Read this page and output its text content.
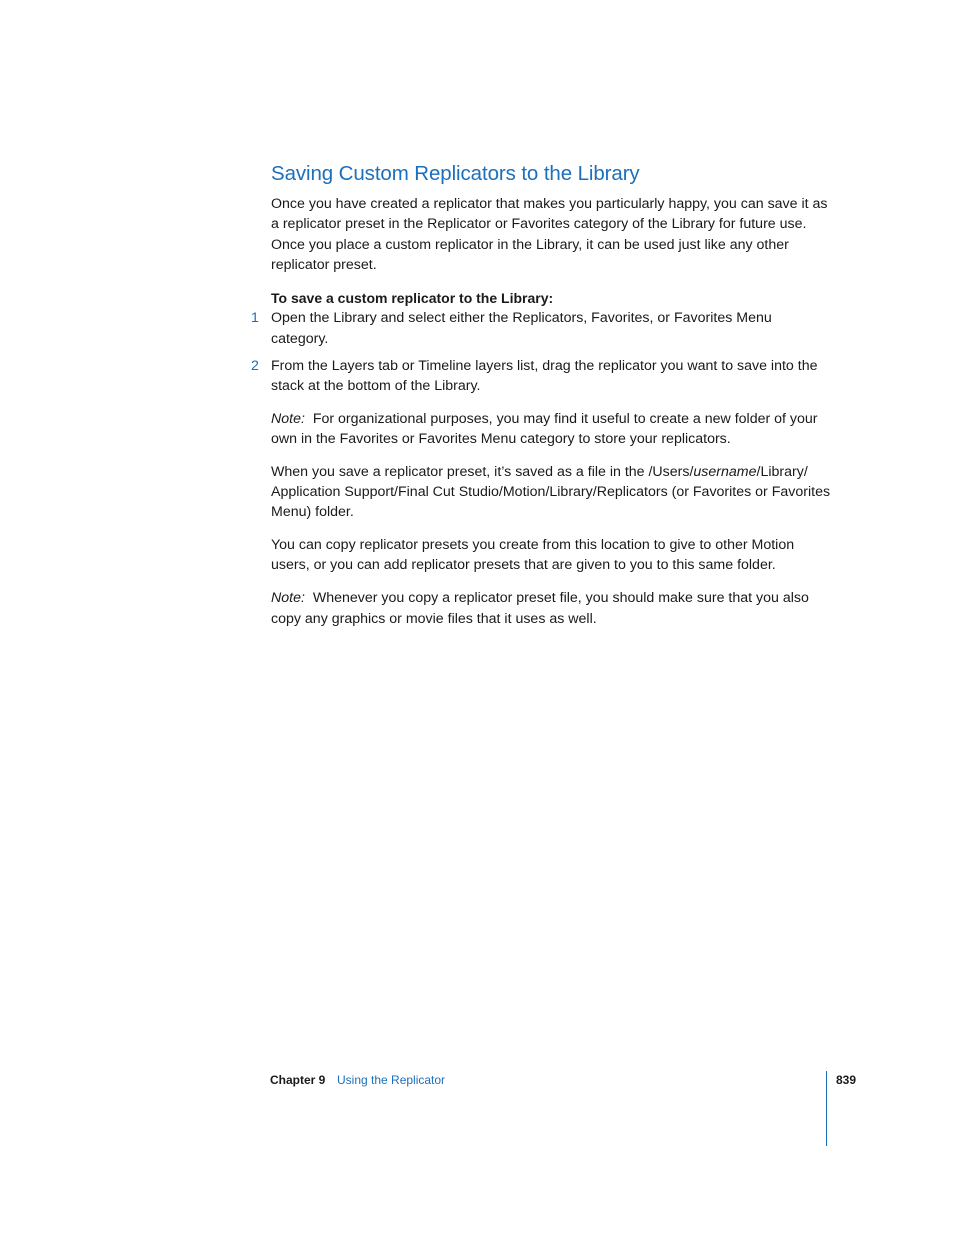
Saving Custom Replicators to the Library

Once you have created a replicator that makes you particularly happy, you can save it as a replicator preset in the Replicator or Favorites category of the Library for future use. Once you place a custom replicator in the Library, it can be used just like any other replicator preset.

To save a custom replicator to the Library:

1 Open the Library and select either the Replicators, Favorites, or Favorites Menu category.
2 From the Layers tab or Timeline layers list, drag the replicator you want to save into the stack at the bottom of the Library.

Note: For organizational purposes, you may find it useful to create a new folder of your own in the Favorites or Favorites Menu category to store your replicators.

When you save a replicator preset, it’s saved as a file in the /Users/username/Library/ Application Support/Final Cut Studio/Motion/Library/Replicators (or Favorites or Favorites Menu) folder.

You can copy replicator presets you create from this location to give to other Motion users, or you can add replicator presets that are given to you to this same folder.

Note: Whenever you copy a replicator preset file, you should make sure that you also copy any graphics or movie files that it uses as well.

Chapter 9 Using the Replicator	839
